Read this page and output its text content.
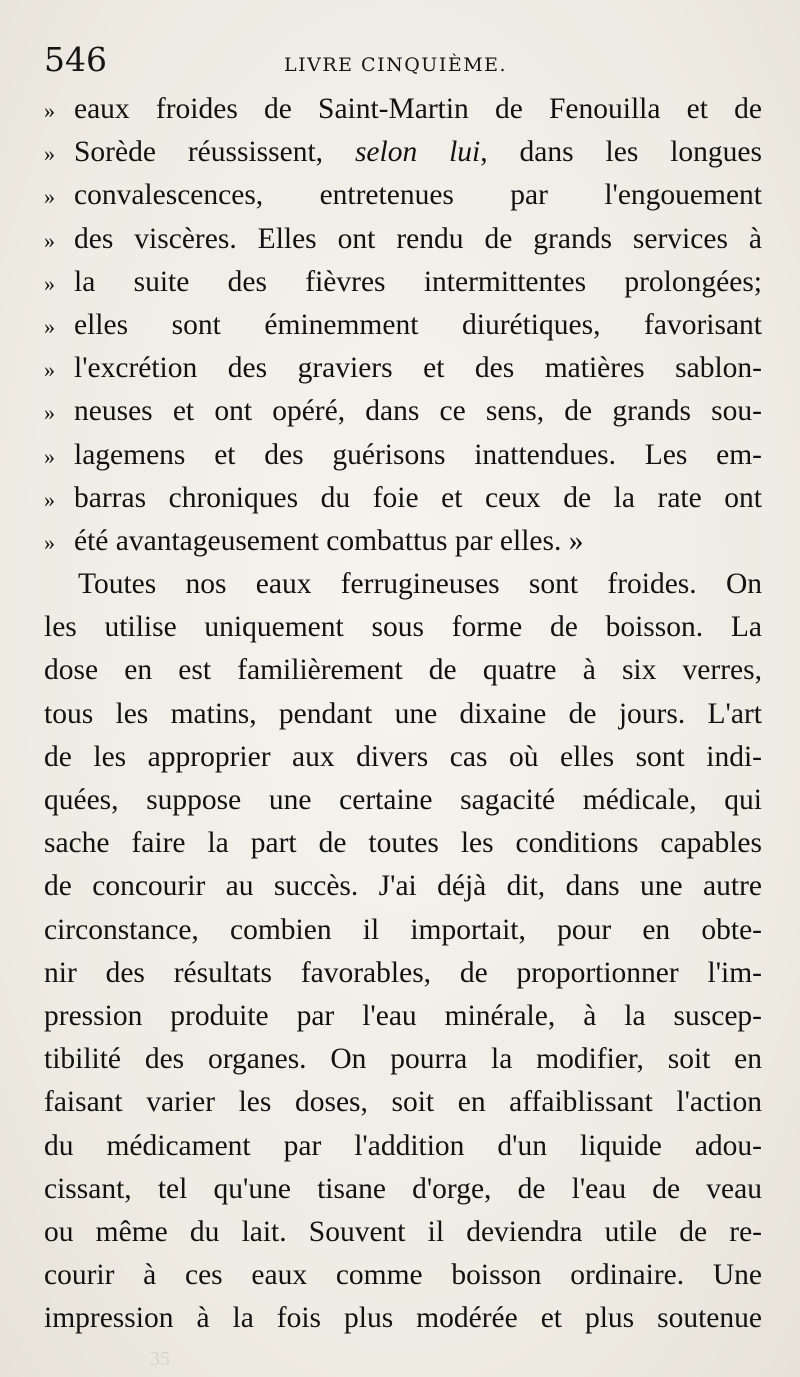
546	LIVRE CINQUIÈME.
» eaux froides de Saint-Martin de Fenouilla et de
» Sorède réussissent, selon lui, dans les longues
» convalescences, entretenues par l'engouement
» des viscères. Elles ont rendu de grands services à
» la suite des fièvres intermittentes prolongées;
» elles sont éminemment diurétiques, favorisant
» l'excrétion des graviers et des matières sablon-
» neuses et ont opéré, dans ce sens, de grands sou-
» lagemens et des guérisons inattendues. Les em-
» barras chroniques du foie et ceux de la rate ont
» été avantageusement combattus par elles. »
Toutes nos eaux ferrugineuses sont froides. On
les utilise uniquement sous forme de boisson. La
dose en est familièrement de quatre à six verres,
tous les matins, pendant une dixaine de jours. L'art
de les approprier aux divers cas où elles sont indi-
quées, suppose une certaine sagacité médicale, qui
sache faire la part de toutes les conditions capables
de concourir au succès. J'ai déjà dit, dans une autre
circonstance, combien il importait, pour en obte-
nir des résultats favorables, de proportionner l'im-
pression produite par l'eau minérale, à la suscep-
tibilité des organes. On pourra la modifier, soit en
faisant varier les doses, soit en affaiblissant l'action
du médicament par l'addition d'un liquide adou-
cissant, tel qu'une tisane d'orge, de l'eau de veau
ou même du lait. Souvent il deviendra utile de re-
courir à ces eaux comme boisson ordinaire. Une
impression à la fois plus modérée et plus soutenue
35
